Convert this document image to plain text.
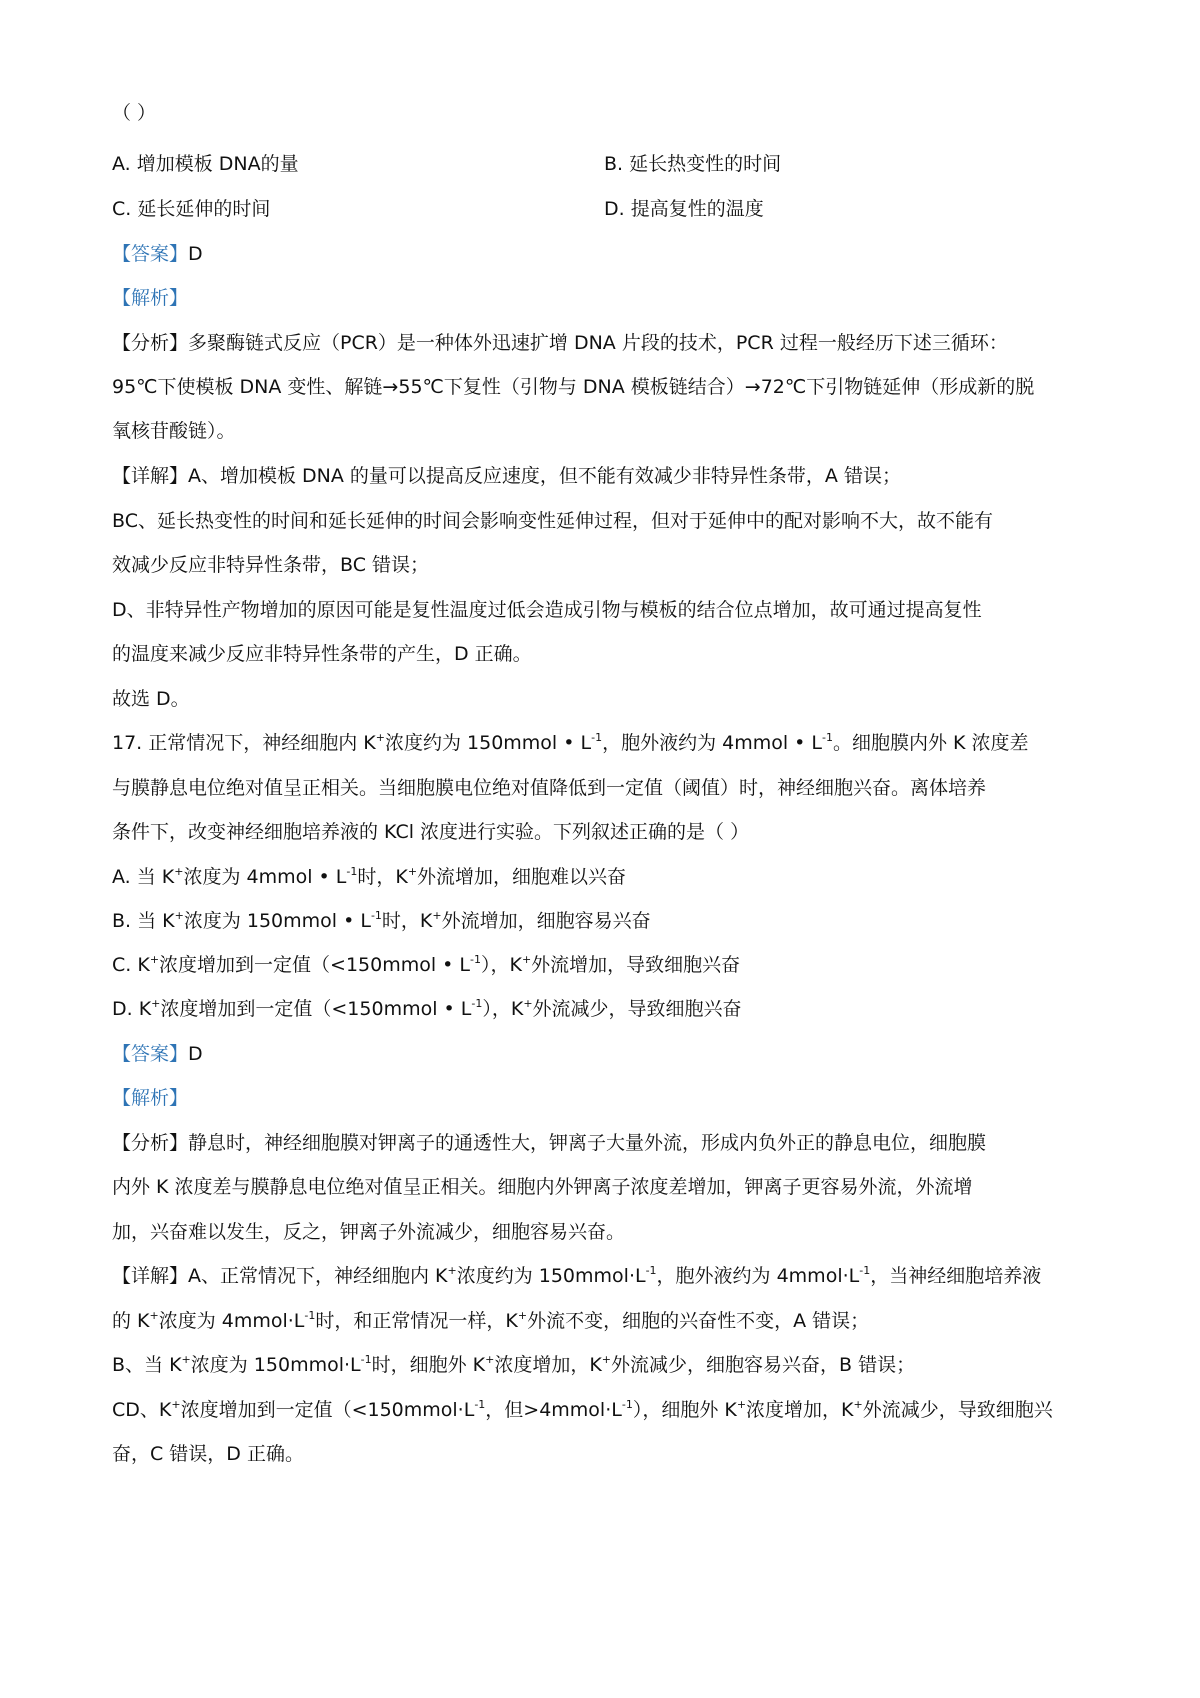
（ ）
A. 增加模板 DNA的量	B. 延长热变性的时间
C. 延长延伸的时间	D. 提高复性的温度
【答案】D
【解析】
【分析】多聚酶链式反应（PCR）是一种体外迅速扩增 DNA 片段的技术，PCR 过程一般经历下述三循环：
95℃下使模板 DNA 变性、解链→55℃下复性（引物与 DNA 模板链结合）→72℃下引物链延伸（形成新的脱
氧核苷酸链）。
【详解】A、增加模板 DNA 的量可以提高反应速度，但不能有效减少非特异性条带，A 错误；
BC、延长热变性的时间和延长延伸的时间会影响变性延伸过程，但对于延伸中的配对影响不大，故不能有
效减少反应非特异性条带，BC 错误；
D、非特异性产物增加的原因可能是复性温度过低会造成引物与模板的结合位点增加，故可通过提高复性
的温度来减少反应非特异性条带的产生，D 正确。
故选 D。
17. 正常情况下，神经细胞内 K+浓度约为 150mmol • $L^{-1}$，胞外液约为 4mmol • $L^{-1}$。细胞膜内外 K 浓度差
与膜静息电位绝对值呈正相关。当细胞膜电位绝对值降低到一定值（阈值）时，神经细胞兴奋。离体培养
条件下，改变神经细胞培养液的 KCl 浓度进行实验。下列叙述正确的是（ ）
A. 当 K+浓度为 4mmol • $L^{-1}$时，K+外流增加，细胞难以兴奋
B. 当 K+浓度为 150mmol • $L^{-1}$时，K+外流增加，细胞容易兴奋
C. K+浓度增加到一定值（<150mmol • $L^{-1}$），K+外流增加，导致细胞兴奋
D. K+浓度增加到一定值（<150mmol • $L^{-1}$），K+外流减少，导致细胞兴奋
【答案】D
【解析】
【分析】静息时，神经细胞膜对钾离子的通透性大，钾离子大量外流，形成内负外正的静息电位，细胞膜
内外 K 浓度差与膜静息电位绝对值呈正相关。细胞内外钾离子浓度差增加，钾离子更容易外流，外流增
加，兴奋难以发生，反之，钾离子外流减少，细胞容易兴奋。
【详解】A、正常情况下，神经细胞内 K+浓度约为 $150mmol\cdot L^{-1}$，胞外液约为 $4mmol\cdot L^{-1}$，当神经细胞培养液
的 K+浓度为 $4mmol\cdot L^{-1}$时，和正常情况一样，K+外流不变，细胞的兴奋性不变，A 错误；
B、当 K+浓度为 $150mmol\cdot L^{-1}$时，细胞外 K+浓度增加，K+外流减少，细胞容易兴奋，B 错误；
CD、K+浓度增加到一定值（$<150mmol\cdot L^{-1}$，但$>4mmol\cdot L^{-1}$），细胞外 K+浓度增加，K+外流减少，导致细胞兴
奋，C 错误，D 正确。
